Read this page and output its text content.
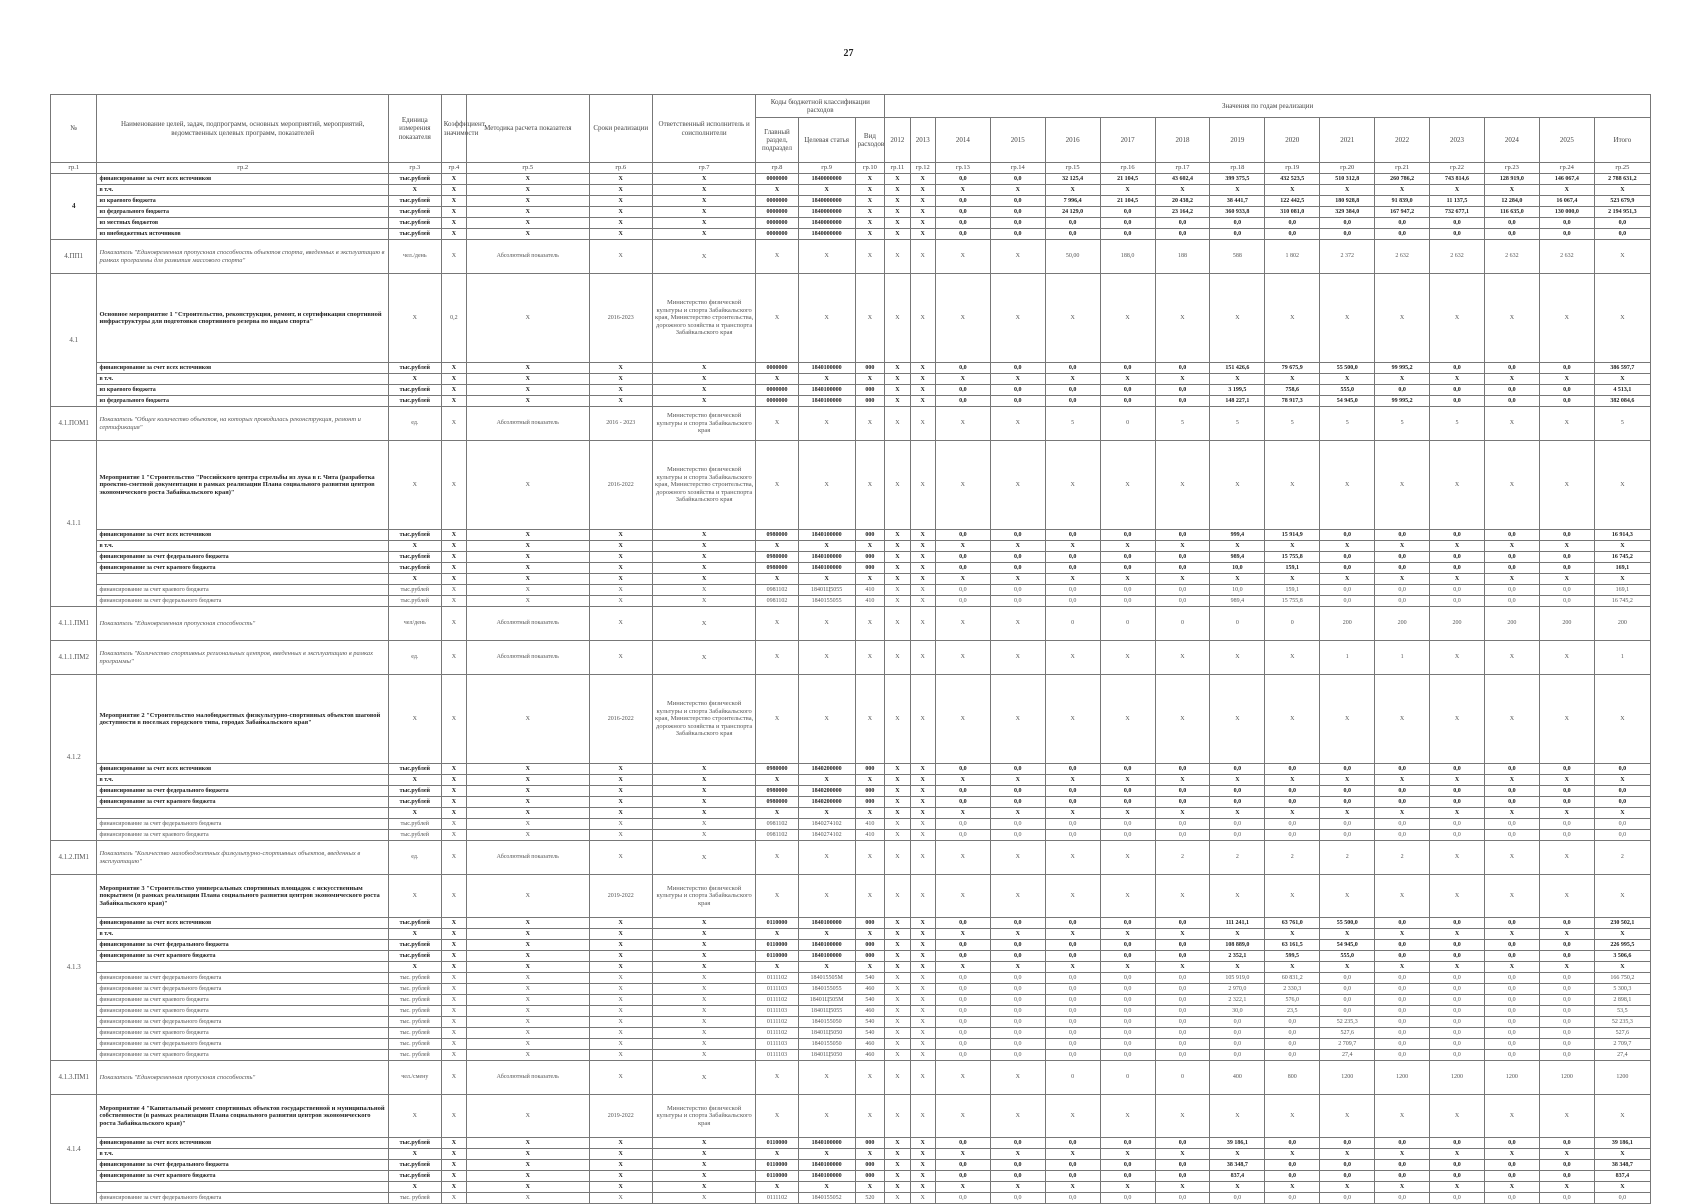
27
№	Наименование целей, задач, подпрограмм, основных мероприятий, мероприятий, ведомственных целевых программ, показателей	Единица измерения показателя	Коэффициент значимости	Методика расчета показателя	Сроки реализации	Ответственный исполнитель и соисполнители	Коды бюджетной классификации расходов			Значения по годам реализации														
							Главный раздел, подраздел	Целевая статья	Вид расходов	2012	2013	2014	2015	2016	2017	2018	2019	2020	2021	2022	2023	2024	2025	Итого
гр.1	гр.2	гр.3	гр.4	гр.5	гр.6	гр.7	гр.8	гр.9	гр.10	гр.11	гр.12	гр.13	гр.14	гр.15	гр.16	гр.17	гр.18	гр.19	гр.20	гр.21	гр.22	гр.23	гр.24	гр.25
4	финансирование за счет всех источников	тыс.рублей	X	X	X	X	0000000	1840000000	X	X	X	0,0	0,0	32 125,4	21 104,5	43 602,4	399 375,5	432 523,5	510 312,8	260 786,2	743 814,6	128 919,0	146 067,4	2 788 631,2
	в т.ч.	X	X	X	X	X	X	X	X	X	X	X	X	X	X	X	X	X	X	X	X	X	X	X
	из краевого бюджета	тыс.рублей	X	X	X	X	0000000	1840000000	X	X	X	0,0	0,0	7 996,4	21 104,5	20 438,2	38 441,7	122 442,5	180 928,8	91 839,0	11 137,5	12 284,0	16 067,4	523 679,9
	из федерального бюджета	тыс.рублей	X	X	X	X	0000000	1840000000	X	X	X	0,0	0,0	24 129,0	0,0	23 164,2	360 933,8	310 081,0	329 384,0	167 947,2	732 677,1	116 635,0	130 000,0	2 194 951,3
	из местных бюджетов	тыс.рублей	X	X	X	X	0000000	1840000000	X	X	X	0,0	0,0	0,0	0,0	0,0	0,0	0,0	0,0	0,0	0,0	0,0	0,0	0,0
	из внебюджетных источников	тыс.рублей	X	X	X	X	0000000	1840000000	X	X	X	0,0	0,0	0,0	0,0	0,0	0,0	0,0	0,0	0,0	0,0	0,0	0,0	0,0
4.ПП1	Показатель "Единовременная пропускная способность объектов спорта, введенных в эксплуатацию в рамках программы для развития массового спорта"	чел./день	X	Абсолютный показатель	X	X	X	X	X	X	X	X	X	50,00	188,0	188	588	1 802	2 372	2 632	2 632	2 632	2 632	X
4.1	Основное мероприятие 1 "Строительство, реконструкция, ремонт, и сертификация спортивной инфраструктуры для подготовки спортивного резерва по видам спорта"	X	0,2	X	2016-2023	Министерство физической культуры и спорта Забайкальского края, Министерство строительства, дорожного хозяйства и транспорта Забайкальского края	X	X	X	X	X	X	X	X	X	X	X	X	X	X	X	X	X	X
	финансирование за счет всех источников	тыс.рублей	X	X	X	X	0000000	1840100000	000	X	X	0,0	0,0	0,0	0,0	0,0	151 426,6	79 675,9	55 500,0	99 995,2	0,0	0,0	0,0	386 597,7
	в т.ч.	X	X	X	X	X	X	X	X	X	X	X	X	X	X	X	X	X	X	X	X	X	X	X
	из краевого бюджета	тыс.рублей	X	X	X	X	0000000	1840100000	000	X	X	0,0	0,0	0,0	0,0	0,0	3 199,5	758,6	555,0	0,0	0,0	0,0	0,0	4 513,1
	из федерального бюджета	тыс.рублей	X	X	X	X	0000000	1840100000	000	X	X	0,0	0,0	0,0	0,0	0,0	148 227,1	78 917,3	54 945,0	99 995,2	0,0	0,0	0,0	382 084,6
4.1.ПОМ1	Показатель "Общее количество объектов, на которых проводилась реконструкция, ремонт и сертификация"	ед.	X	Абсолютный показатель	2016 - 2023	Министерство физической культуры и спорта Забайкальского края	X	X	X	X	X	X	X	5	0	5	5	5	5	5	5	X	X	5
4.1.1	Мероприятие 1 "Строительство "Российского центра стрельбы из лука в г. Чита (разработка проектно-сметной документации в рамках реализации Плана социального развития центров экономического роста Забайкальского края)"	X	X	X	2016-2022	Министерство физической культуры и спорта Забайкальского края, Министерство строительства, дорожного хозяйства и транспорта Забайкальского края	X	X	X	X	X	X	X	X	X	X	X	X	X	X	X	X	X	X
	финансирование за счет всех источников	тыс.рублей	X	X	X	X	0980000	1840100000	000	X	X	0,0	0,0	0,0	0,0	0,0	999,4	15 914,9	0,0	0,0	0,0	0,0	0,0	16 914,3
	в т.ч.	X	X	X	X	X	X	X	X	X	X	X	X	X	X	X	X	X	X	X	X	X	X	X
	финансирование за счет федерального бюджета	тыс.рублей	X	X	X	X	0980000	1840100000	000	X	X	0,0	0,0	0,0	0,0	0,0	989,4	15 755,8	0,0	0,0	0,0	0,0	0,0	16 745,2
	финансирование за счет краевого бюджета	тыс.рублей	X	X	X	X	0980000	1840100000	000	X	X	0,0	0,0	0,0	0,0	0,0	10,0	159,1	0,0	0,0	0,0	0,0	0,0	169,1
		X	X	X	X	X	X	X	X	X	X	X	X	X	X	X	X	X	X	X	X	X	X	X
	финансирование за счет краевого бюджета	тыс.рублей	X	X	X	X	0981102	18401Ц5055	410	X	X	0,0	0,0	0,0	0,0	0,0	10,0	159,1	0,0	0,0	0,0	0,0	0,0	169,1
	финансирование за счет федерального бюджета	тыс.рублей	X	X	X	X	0981102	1840155055	410	X	X	0,0	0,0	0,0	0,0	0,0	989,4	15 755,8	0,0	0,0	0,0	0,0	0,0	16 745,2
4.1.1.ПМ1	Показатель "Единовременная пропускная способность"	чел/день	X	Абсолютный показатель	X	X	X	X	X	X	X	X	X	0	0	0	0	0	200	200	200	200	200	200
4.1.1.ПМ2	Показатель "Количество спортивных региональных центров, введенных в эксплуатацию в рамках программы"	ед.	X	Абсолютный показатель	X	X	X	X	X	X	X	X	X	X	X	X	X	X	1	1	X	X	X	1
4.1.2	Мероприятие 2 "Строительство малобюджетных физкультурно-спортивных объектов шаговой доступности в поселках городского типа, городах Забайкальского края"	X	X	X	2016-2022	Министерство физической культуры и спорта Забайкальского края, Министерство строительства, дорожного хозяйства и транспорта Забайкальского края	X	X	X	X	X	X	X	X	X	X	X	X	X	X	X	X	X	X
	финансирование за счет всех источников	тыс.рублей	X	X	X	X	0980000	1840200000	000	X	X	0,0	0,0	0,0	0,0	0,0	0,0	0,0	0,0	0,0	0,0	0,0	0,0	0,0
	в т.ч.	X	X	X	X	X	X	X	X	X	X	X	X	X	X	X	X	X	X	X	X	X	X	X
	финансирование за счет федерального бюджета	тыс.рублей	X	X	X	X	0980000	1840200000	000	X	X	0,0	0,0	0,0	0,0	0,0	0,0	0,0	0,0	0,0	0,0	0,0	0,0	0,0
	финансирование за счет краевого бюджета	тыс.рублей	X	X	X	X	0980000	1840200000	000	X	X	0,0	0,0	0,0	0,0	0,0	0,0	0,0	0,0	0,0	0,0	0,0	0,0	0,0
		X	X	X	X	X	X	X	X	X	X	X	X	X	X	X	X	X	X	X	X	X	X	X
	финансирование за счет федерального бюджета	тыс.рублей	X	X	X	X	0981102	1840274102	410	X	X	0,0	0,0	0,0	0,0	0,0	0,0	0,0	0,0	0,0	0,0	0,0	0,0	0,0
	финансирование за счет краевого бюджета	тыс.рублей	X	X	X	X	0981102	1840274102	410	X	X	0,0	0,0	0,0	0,0	0,0	0,0	0,0	0,0	0,0	0,0	0,0	0,0	0,0
4.1.2.ПМ1	Показатель "Количество малобюджетных физкультурно-спортивных объектов, введенных в эксплуатацию"	ед.	X	Абсолютный показатель	X	X	X	X	X	X	X	X	X	X	X	2	2	2	2	2	X	X	X	2
4.1.3	Мероприятие 3 "Строительство универсальных спортивных площадок с искусственным покрытием (в рамках реализации Плана социального развития центров экономического роста Забайкальского края)"	X	X	X	2019-2022	Министерство физической культуры и спорта Забайкальского края	X	X	X	X	X	X	X	X	X	X	X	X	X	X	X	X	X	X
	финансирование за счет всех источников	тыс.рублей	X	X	X	X	0110000	1840100000	000	X	X	0,0	0,0	0,0	0,0	0,0	111 241,1	63 761,0	55 500,0	0,0	0,0	0,0	0,0	230 502,1
	в т.ч.	X	X	X	X	X	X	X	X	X	X	X	X	X	X	X	X	X	X	X	X	X	X	X
	финансирование за счет федерального бюджета	тыс.рублей	X	X	X	X	0110000	1840100000	000	X	X	0,0	0,0	0,0	0,0	0,0	108 889,0	63 161,5	54 945,0	0,0	0,0	0,0	0,0	226 995,5
	финансирование за счет краевого бюджета	тыс.рублей	X	X	X	X	0110000	1840100000	000	X	X	0,0	0,0	0,0	0,0	0,0	2 352,1	599,5	555,0	0,0	0,0	0,0	0,0	3 506,6
		X	X	X	X	X	X	X	X	X	X	X	X	X	X	X	X	X	X	X	X	X	X	X
	финансирование за счет федерального бюджета	тыс. рублей	X	X	X	X	0111102	184015505М	540	X	X	0,0	0,0	0,0	0,0	0,0	105 919,0	60 831,2	0,0	0,0	0,0	0,0	0,0	166 750,2
	финансирование за счет федерального бюджета	тыс. рублей	X	X	X	X	0111103	1840155055	460	X	X	0,0	0,0	0,0	0,0	0,0	2 970,0	2 330,3	0,0	0,0	0,0	0,0	0,0	5 300,3
	финансирование за счет краевого бюджета	тыс. рублей	X	X	X	X	0111102	18401Ц505М	540	X	X	0,0	0,0	0,0	0,0	0,0	2 322,1	576,0	0,0	0,0	0,0	0,0	0,0	2 898,1
	финансирование за счет краевого бюджета	тыс. рублей	X	X	X	X	0111103	18401Ц5055	460	X	X	0,0	0,0	0,0	0,0	0,0	30,0	23,5	0,0	0,0	0,0	0,0	0,0	53,5
	финансирование за счет федерального бюджета	тыс. рублей	X	X	X	X	0111102	1840155050	540	X	X	0,0	0,0	0,0	0,0	0,0	0,0	0,0	52 235,3	0,0	0,0	0,0	0,0	52 235,3
	финансирование за счет краевого бюджета	тыс. рублей	X	X	X	X	0111102	18401Ц5050	540	X	X	0,0	0,0	0,0	0,0	0,0	0,0	0,0	527,6	0,0	0,0	0,0	0,0	527,6
	финансирование за счет федерального бюджета	тыс. рублей	X	X	X	X	0111103	1840155050	460	X	X	0,0	0,0	0,0	0,0	0,0	0,0	0,0	2 709,7	0,0	0,0	0,0	0,0	2 709,7
	финансирование за счет краевого бюджета	тыс. рублей	X	X	X	X	0111103	18401Ц5050	460	X	X	0,0	0,0	0,0	0,0	0,0	0,0	0,0	27,4	0,0	0,0	0,0	0,0	27,4
4.1.3.ПМ1	Показатель "Единовременная пропускная способность"	чел./смену	X	Абсолютный показатель	X	X	X	X	X	X	X	X	X	0	0	0	400	800	1200	1200	1200	1200	1200	1200
4.1.4	Мероприятие 4 "Капитальный ремонт спортивных объектов государственной и муниципальной собственности (в рамках реализации Плана социального развития центров экономического роста Забайкальского края)"	X	X	X	2019-2022	Министерство физической культуры и спорта Забайкальского края	X	X	X	X	X	X	X	X	X	X	X	X	X	X	X	X	X	X
	финансирование за счет всех источников	тыс.рублей	X	X	X	X	0110000	1840100000	000	X	X	0,0	0,0	0,0	0,0	0,0	39 186,1	0,0	0,0	0,0	0,0	0,0	0,0	39 186,1
	в т.ч.	X	X	X	X	X	X	X	X	X	X	X	X	X	X	X	X	X	X	X	X	X	X	X
	финансирование за счет федерального бюджета	тыс.рублей	X	X	X	X	0110000	1840100000	000	X	X	0,0	0,0	0,0	0,0	0,0	38 348,7	0,0	0,0	0,0	0,0	0,0	0,0	38 348,7
	финансирование за счет краевого бюджета	тыс.рублей	X	X	X	X	0110000	1840100000	000	X	X	0,0	0,0	0,0	0,0	0,0	837,4	0,0	0,0	0,0	0,0	0,0	0,0	837,4
		X	X	X	X	X	X	X	X	X	X	X	X	X	X	X	X	X	X	X	X	X	X	X
	финансирование за счет федерального бюджета	тыс. рублей	X	X	X	X	0111102	1840155052	520	X	X	0,0	0,0	0,0	0,0	0,0	0,0	0,0	0,0	0,0	0,0	0,0	0,0	0,0
